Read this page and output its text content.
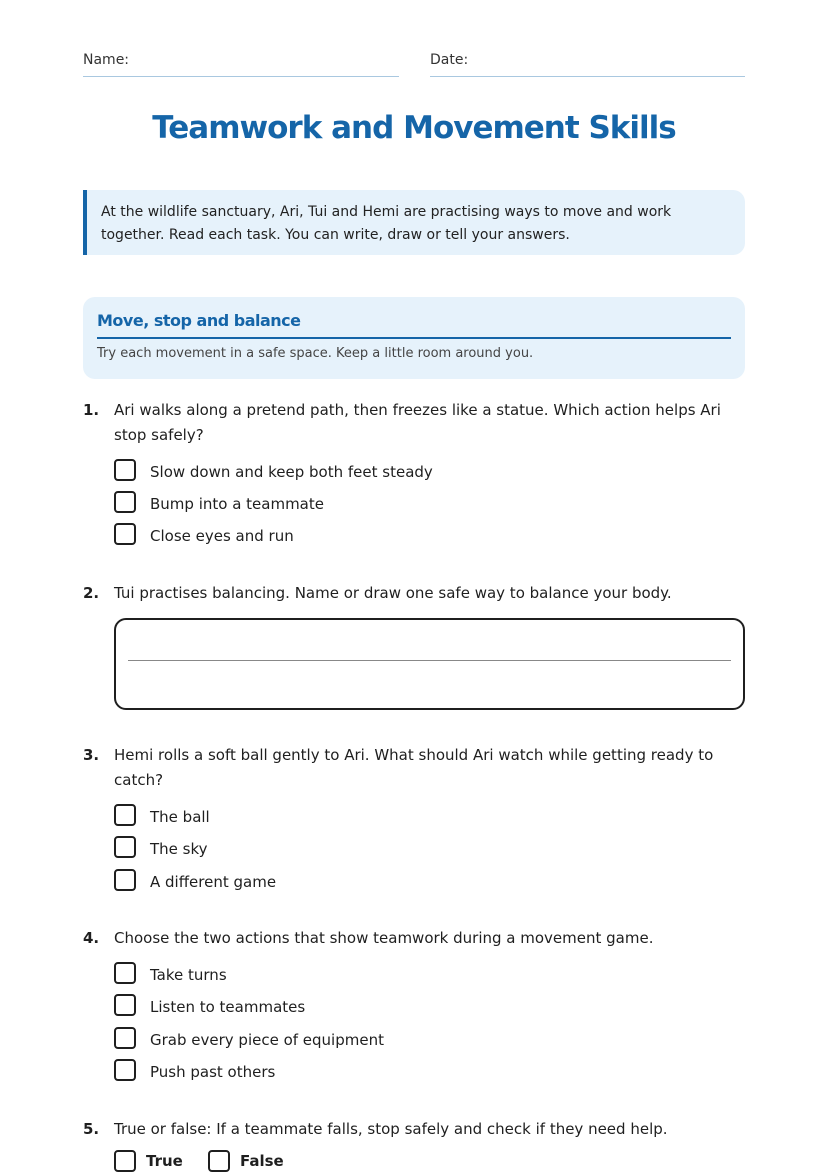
Name:	Date:
Teamwork and Movement Skills
At the wildlife sanctuary, Ari, Tui and Hemi are practising ways to move and work together. Read each task. You can write, draw or tell your answers.
Move, stop and balance
Try each movement in a safe space. Keep a little room around you.
1. Ari walks along a pretend path, then freezes like a statue. Which action helps Ari stop safely?
Slow down and keep both feet steady
Bump into a teammate
Close eyes and run
2. Tui practises balancing. Name or draw one safe way to balance your body.
3. Hemi rolls a soft ball gently to Ari. What should Ari watch while getting ready to catch?
The ball
The sky
A different game
4. Choose the two actions that show teamwork during a movement game.
Take turns
Listen to teammates
Grab every piece of equipment
Push past others
5. True or false: If a teammate falls, stop safely and check if they need help.
True	False
